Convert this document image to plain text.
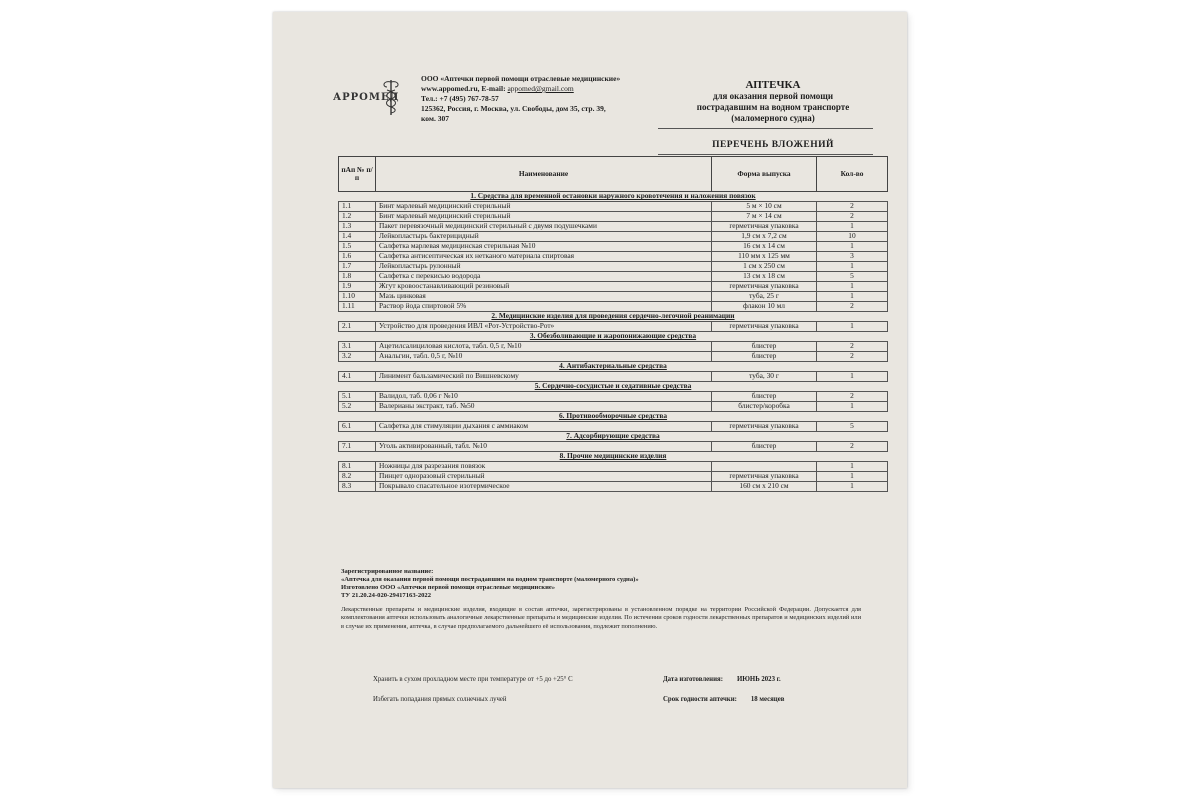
АРРОМЕД
ООО «Аптечки первой помощи отраслевые медицинские»
www.appomed.ru, E-mail: appomed@gmail.com
Тел.: +7 (495) 767-78-57
125362, Россия, г. Москва, ул. Свободы, дом 35, стр. 39,
ком. 307
АПТЕЧКА
для оказания первой помощи
пострадавшим на водном транспорте
(маломерного судна)
ПЕРЕЧЕНЬ ВЛОЖЕНИЙ
пАп № п/п	Наименование	Форма выпуска	Кол-во
1. Средства для временной остановки наружного кровотечения и наложения повязок			
1.1	Бинт марлевый медицинский стерильный	5 м × 10 см	2
1.2	Бинт марлевый медицинский стерильный	7 м × 14 см	2
1.3	Пакет перевязочный медицинский стерильный с двумя подушечками	герметичная упаковка	1
1.4	Лейкопластырь бактерицидный	1,9 см х 7,2 см	10
1.5	Салфетка марлевая медицинская стерильная №10	16 см х 14 см	1
1.6	Салфетка антисептическая их нетканого материала спиртовая	110 мм х 125 мм	3
1.7	Лейкопластырь рулонный	1 см х 250 см	1
1.8	Салфетка с перекисью водорода	13 см х 18 см	5
1.9	Жгут кровоостанавливающий резиновый	герметичная упаковка	1
1.10	Мазь цинковая	туба, 25 г	1
1.11	Раствор йода спиртовой 5%	флакон 10 мл	2
2. Медицинские изделия для проведения сердечно-легочной реанимации			
2.1	Устройство для проведения ИВЛ «Рот-Устройство-Рот»	герметичная упаковка	1
3. Обезболивающие и жаропонижающие средства			
3.1	Ацетилсалициловая кислота, табл. 0,5 г, №10	блистер	2
3.2	Анальгин, табл. 0,5 г, №10	блистер	2
4. Антибактериальные средства			
4.1	Линимент бальзамический по Вишневскому	туба, 30 г	1
5. Сердечно-сосудистые и седативные средства			
5.1	Валидол, таб. 0,06 г №10	блистер	2
5.2	Валерианы экстракт, таб. №50	блистер/коробка	1
6. Противообморочные средства			
6.1	Салфетка для стимуляции дыхания с аммиаком	герметичная упаковка	5
7. Адсорбирующие средства			
7.1	Уголь активированный, табл. №10	блистер	2
8. Прочие медицинские изделия			
8.1	Ножницы для разрезания повязок		1
8.2	Пинцет одноразовый стерильный	герметичная упаковка	1
8.3	Покрывало спасательное изотермическое	160 см х 210 см	1
Зарегистрированное название:
«Аптечка для оказания первой помощи пострадавшим на водном транспорте (маломерного судна)»
Изготовлено ООО «Аптечки первой помощи отраслевые медицинские»
ТУ 21.20.24-020-29417163-2022
Лекарственные препараты и медицинские изделия, входящие в состав аптечки, зарегистрированы в установленном порядке на территории Российской Федерации. Допускается для комплектования аптечки использовать аналогичные лекарственные препараты и медицинские изделия. По истечении сроков годности лекарственных препаратов и медицинских изделий или в случае их применения, аптечка, в случае предполагаемого дальнейшего её использования, подлежит пополнению.
Хранить в сухом прохладном месте при температуре от +5 до +25° С	Дата изготовления: ИЮНЬ 2023 г.
Избегать попадания прямых солнечных лучей	Срок годности аптечки: 18 месяцев
